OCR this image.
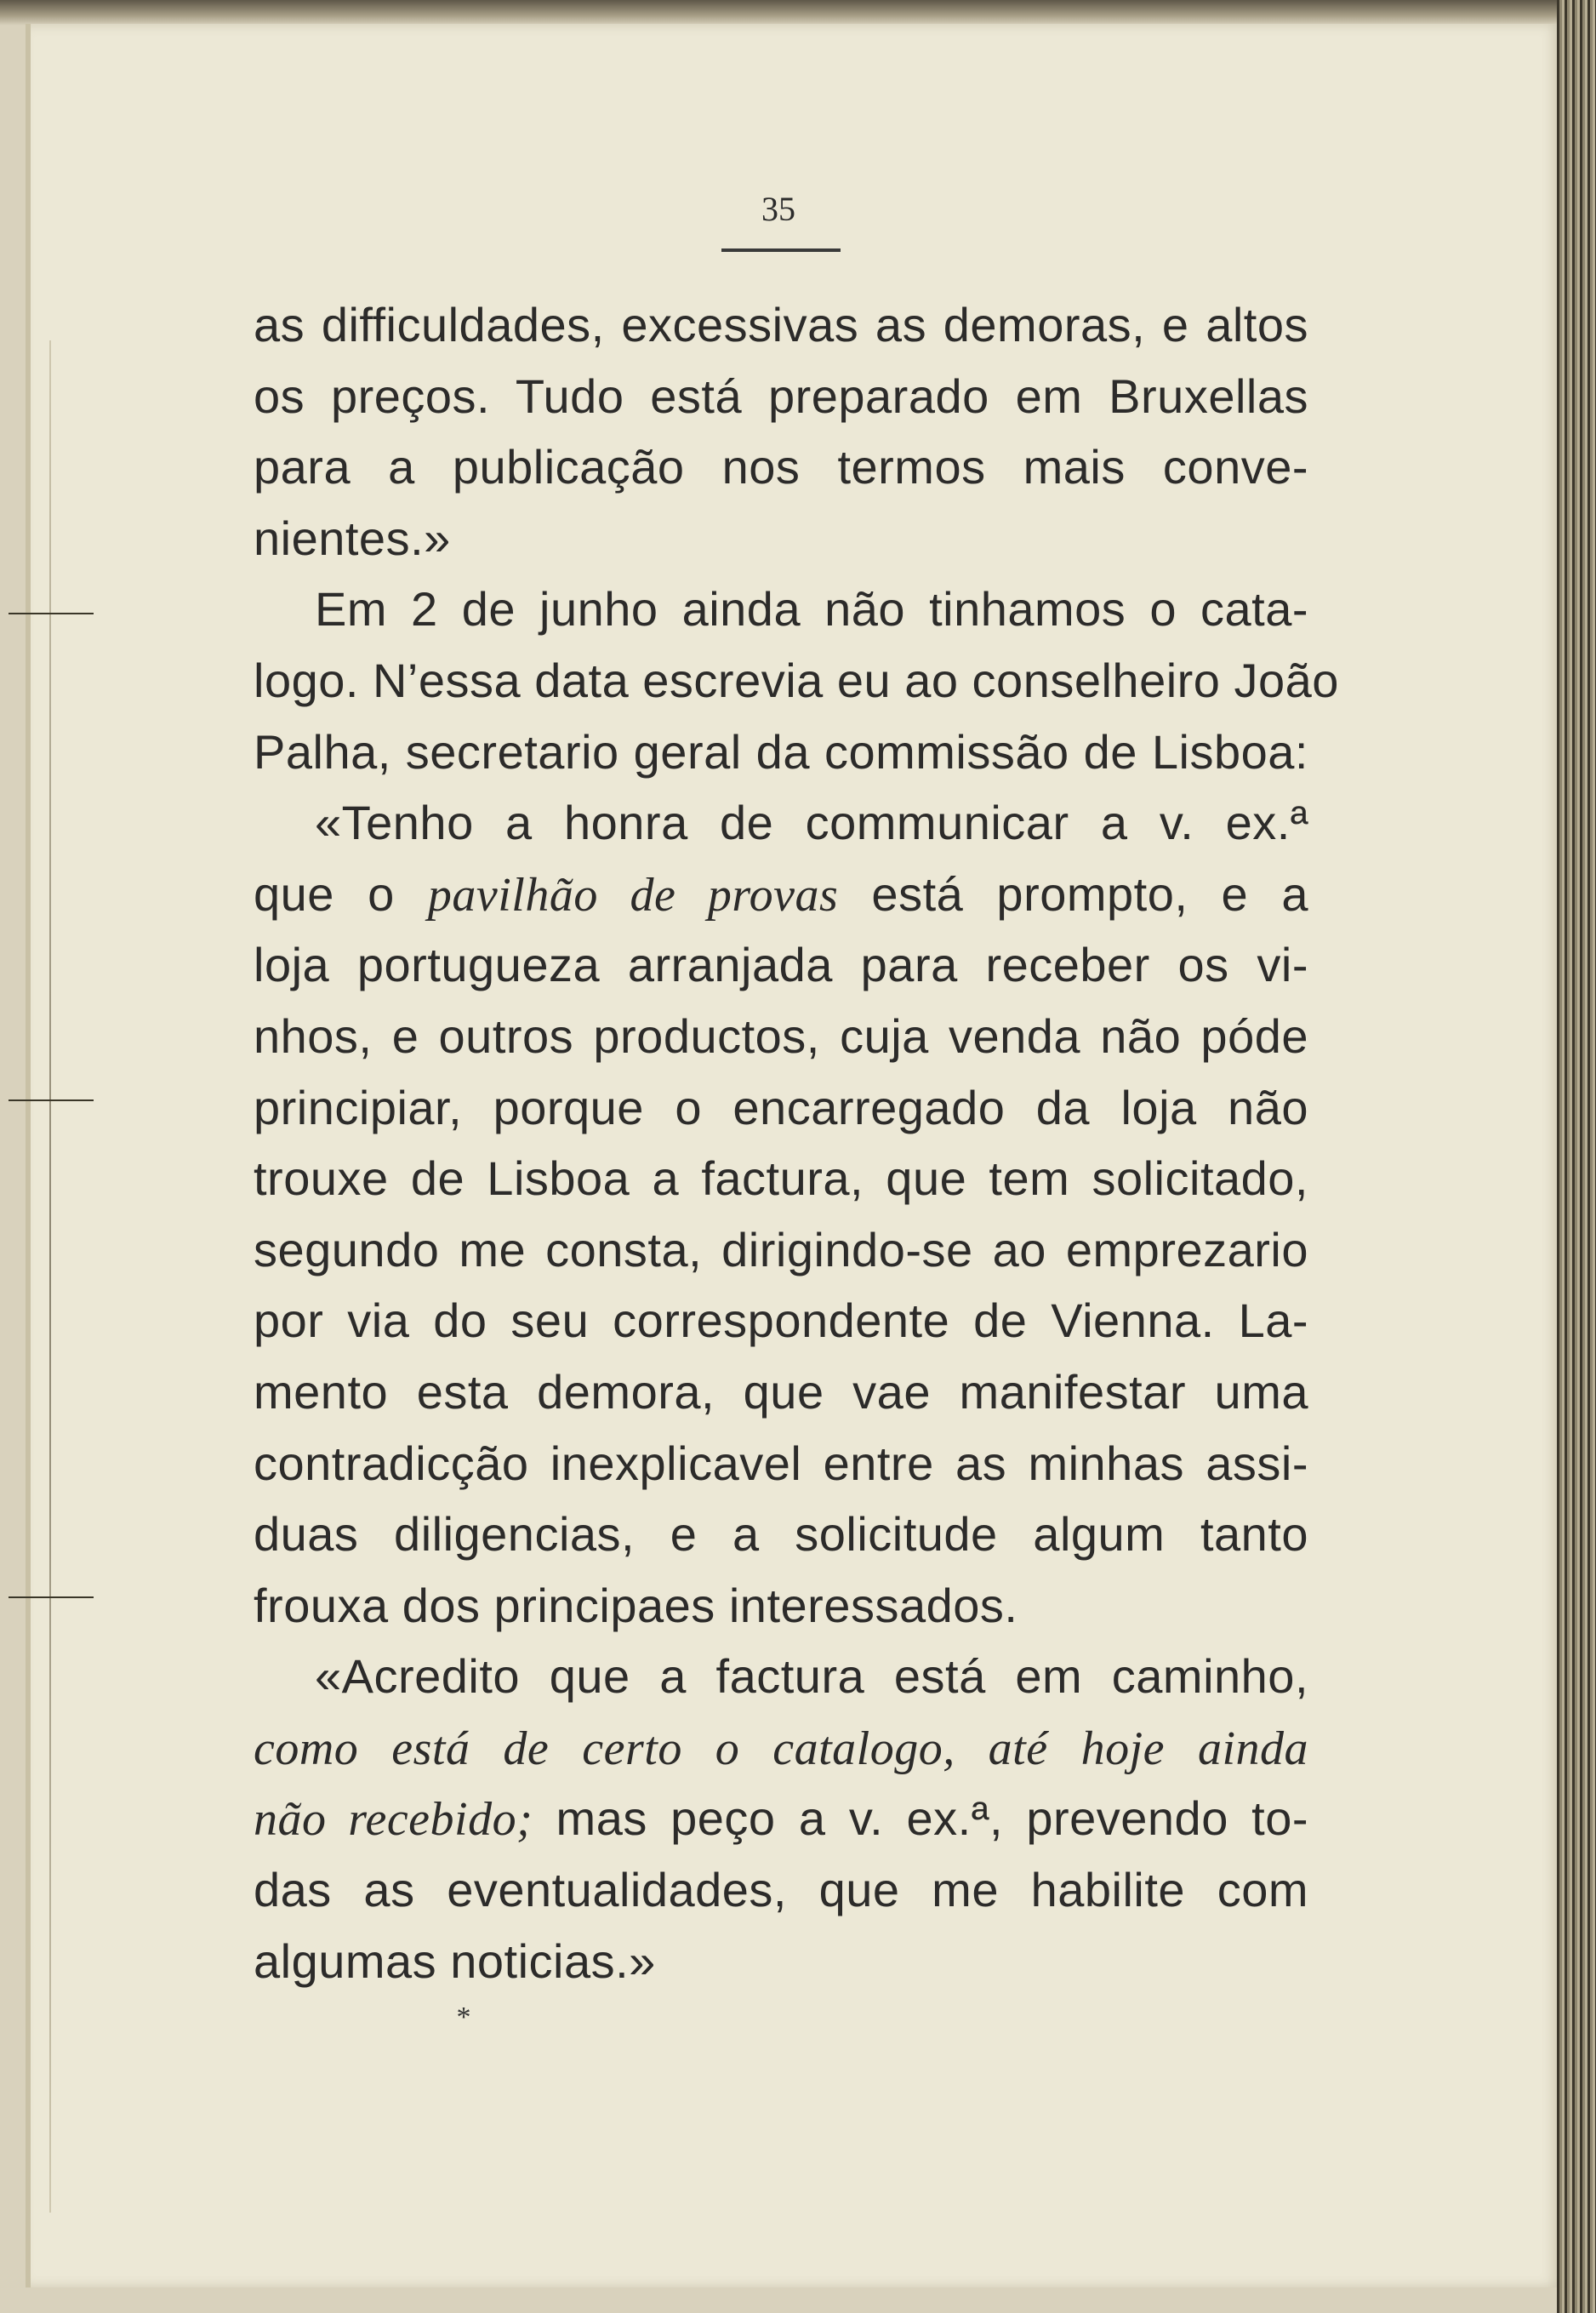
35
as difficuldades, excessivas as demoras, e altos
os preços. Tudo está preparado em Bruxellas
para a publicação nos termos mais conve-
nientes.»
Em 2 de junho ainda não tinhamos o cata-
logo. N’essa data escrevia eu ao conselheiro João
Palha, secretario geral da commissão de Lisboa:
«Tenho a honra de communicar a v. ex.ª
que o pavilhão de provas está prompto, e a
loja portugueza arranjada para receber os vi-
nhos, e outros productos, cuja venda não póde
principiar, porque o encarregado da loja não
trouxe de Lisboa a factura, que tem solicitado,
segundo me consta, dirigindo-se ao emprezario
por via do seu correspondente de Vienna. La-
mento esta demora, que vae manifestar uma
contradicção inexplicavel entre as minhas assi-
duas diligencias, e a solicitude algum tanto
frouxa dos principaes interessados.
«Acredito que a factura está em caminho,
como está de certo o catalogo, até hoje ainda
não recebido; mas peço a v. ex.ª, prevendo to-
das as eventualidades, que me habilite com
algumas noticias.»
*
